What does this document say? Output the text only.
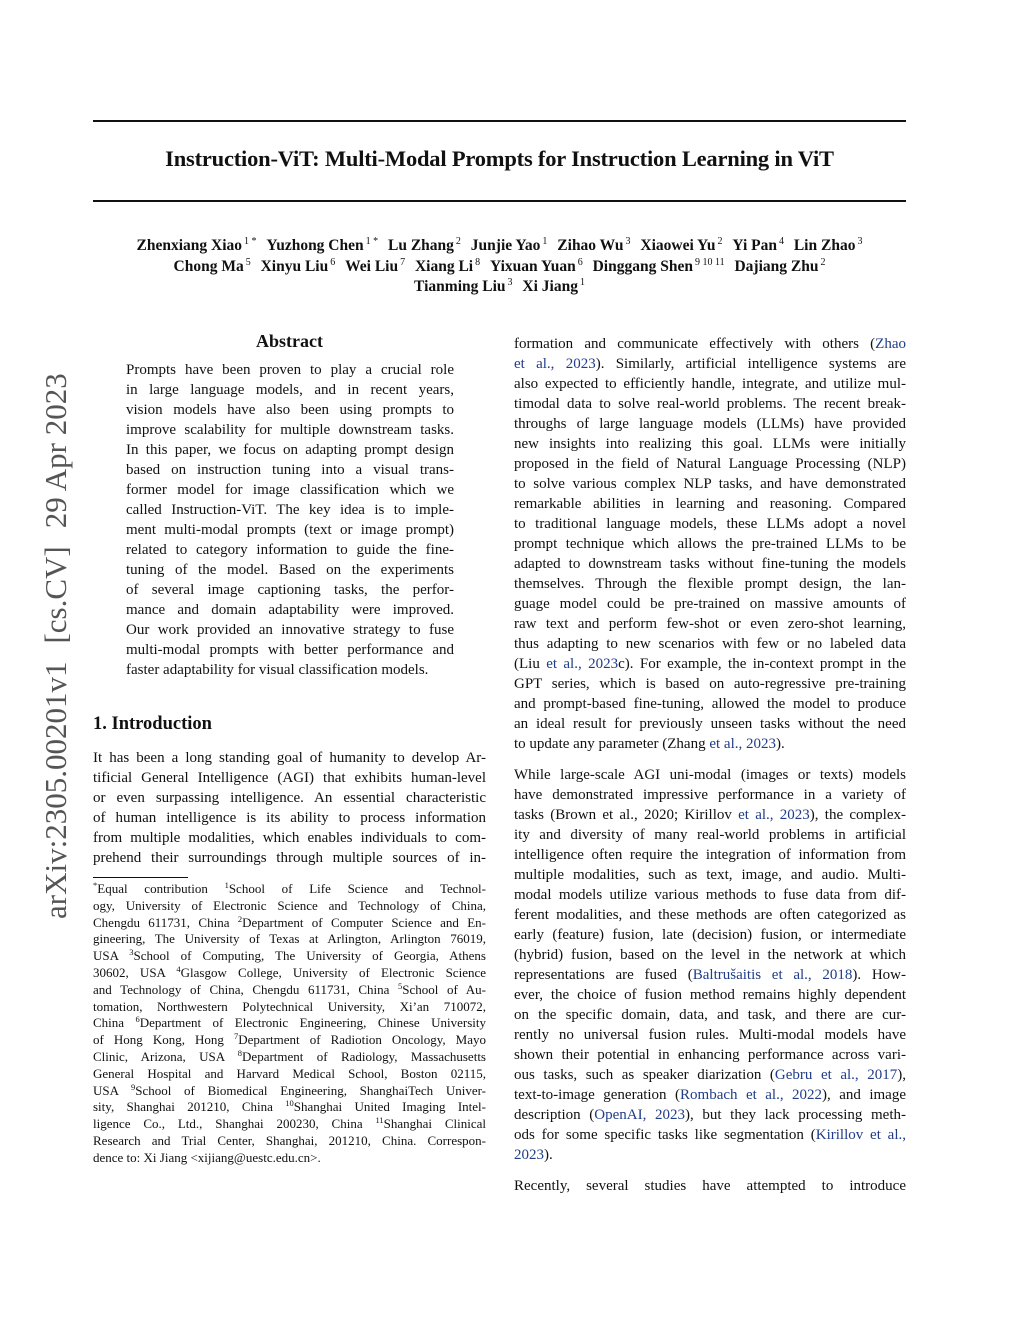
Instruction-ViT: Multi-Modal Prompts for Instruction Learning in ViT
Zhenxiang Xiao $^{1 *}$ Yuzhong Chen $^{1 *}$ Lu Zhang $^2$ Junjie Yao $^1$ Zihao Wu $^3$ Xiaowei Yu $^2$ Yi Pan $^4$ Lin Zhao $^3$
Chong Ma $^5$ Xinyu Liu $^6$ Wei Liu $^7$ Xiang Li $^8$ Yixuan Yuan $^6$ Dinggang Shen $^{9 10 11}$ Dajiang Zhu $^2$
Tianming Liu $^3$ Xi Jiang $^1$
arXiv:2305.00201v1[cs.CV]29 Apr 2023
Abstract
Prompts have been proven to play a crucial role
in large language models, and in recent years,
vision models have also been using prompts to
improve scalability for multiple downstream tasks.
In this paper, we focus on adapting prompt design
based on instruction tuning into a visual trans-
former model for image classification which we
called Instruction-ViT. The key idea is to imple-
ment multi-modal prompts (text or image prompt)
related to category information to guide the fine-
tuning of the model. Based on the experiments
of several image captioning tasks, the perfor-
mance and domain adaptability were improved.
Our work provided an innovative strategy to fuse
multi-modal prompts with better performance and
faster adaptability for visual classification models.
1. Introduction
It has been a long standing goal of humanity to develop Ar-
tificial General Intelligence (AGI) that exhibits human-level
or even surpassing intelligence. An essential characteristic
of human intelligence is its ability to process information
from multiple modalities, which enables individuals to com-
prehend their surroundings through multiple sources of in-
*Equal contribution $^1$School of Life Science and Technol-
ogy, University of Electronic Science and Technology of China,
Chengdu 611731, China $^2$Department of Computer Science and En-
gineering, The University of Texas at Arlington, Arlington 76019,
USA $^3$School of Computing, The University of Georgia, Athens
30602, USA $^4$Glasgow College, University of Electronic Science
and Technology of China, Chengdu 611731, China $^5$School of Au-
tomation, Northwestern Polytechnical University, Xi’an 710072,
China $^6$Department of Electronic Engineering, Chinese University
of Hong Kong, Hong $^7$Department of Radiotion Oncology, Mayo
Clinic, Arizona, USA $^8$Department of Radiology, Massachusetts
General Hospital and Harvard Medical School, Boston 02115,
USA $^9$School of Biomedical Engineering, ShanghaiTech Univer-
sity, Shanghai 201210, China $^{10}$Shanghai United Imaging Intel-
ligence Co., Ltd., Shanghai 200230, China $^{11}$Shanghai Clinical
Research and Trial Center, Shanghai, 201210, China. Correspon-
dence to: Xi Jiang <xijiang@uestc.edu.cn>.
formation and communicate effectively with others (Zhao
et al., 2023). Similarly, artificial intelligence systems are
also expected to efficiently handle, integrate, and utilize mul-
timodal data to solve real-world problems. The recent break-
throughs of large language models (LLMs) have provided
new insights into realizing this goal. LLMs were initially
proposed in the field of Natural Language Processing (NLP)
to solve various complex NLP tasks, and have demonstrated
remarkable abilities in learning and reasoning. Compared
to traditional language models, these LLMs adopt a novel
prompt technique which allows the pre-trained LLMs to be
adapted to downstream tasks without fine-tuning the models
themselves. Through the flexible prompt design, the lan-
guage model could be pre-trained on massive amounts of
raw text and perform few-shot or even zero-shot learning,
thus adapting to new scenarios with few or no labeled data
(Liu et al., 2023c). For example, the in-context prompt in the
GPT series, which is based on auto-regressive pre-training
and prompt-based fine-tuning, allowed the model to produce
an ideal result for previously unseen tasks without the need
to update any parameter (Zhang et al., 2023).
While large-scale AGI uni-modal (images or texts) models
have demonstrated impressive performance in a variety of
tasks (Brown et al., 2020; Kirillov et al., 2023), the complex-
ity and diversity of many real-world problems in artificial
intelligence often require the integration of information from
multiple modalities, such as text, image, and audio. Multi-
modal models utilize various methods to fuse data from dif-
ferent modalities, and these methods are often categorized as
early (feature) fusion, late (decision) fusion, or intermediate
(hybrid) fusion, based on the level in the network at which
representations are fused (Baltrušaitis et al., 2018). How-
ever, the choice of fusion method remains highly dependent
on the specific domain, data, and task, and there are cur-
rently no universal fusion rules. Multi-modal models have
shown their potential in enhancing performance across vari-
ous tasks, such as speaker diarization (Gebru et al., 2017),
text-to-image generation (Rombach et al., 2022), and image
description (OpenAI, 2023), but they lack processing meth-
ods for some specific tasks like segmentation (Kirillov et al.,
2023).
Recently, several studies have attempted to introduce
